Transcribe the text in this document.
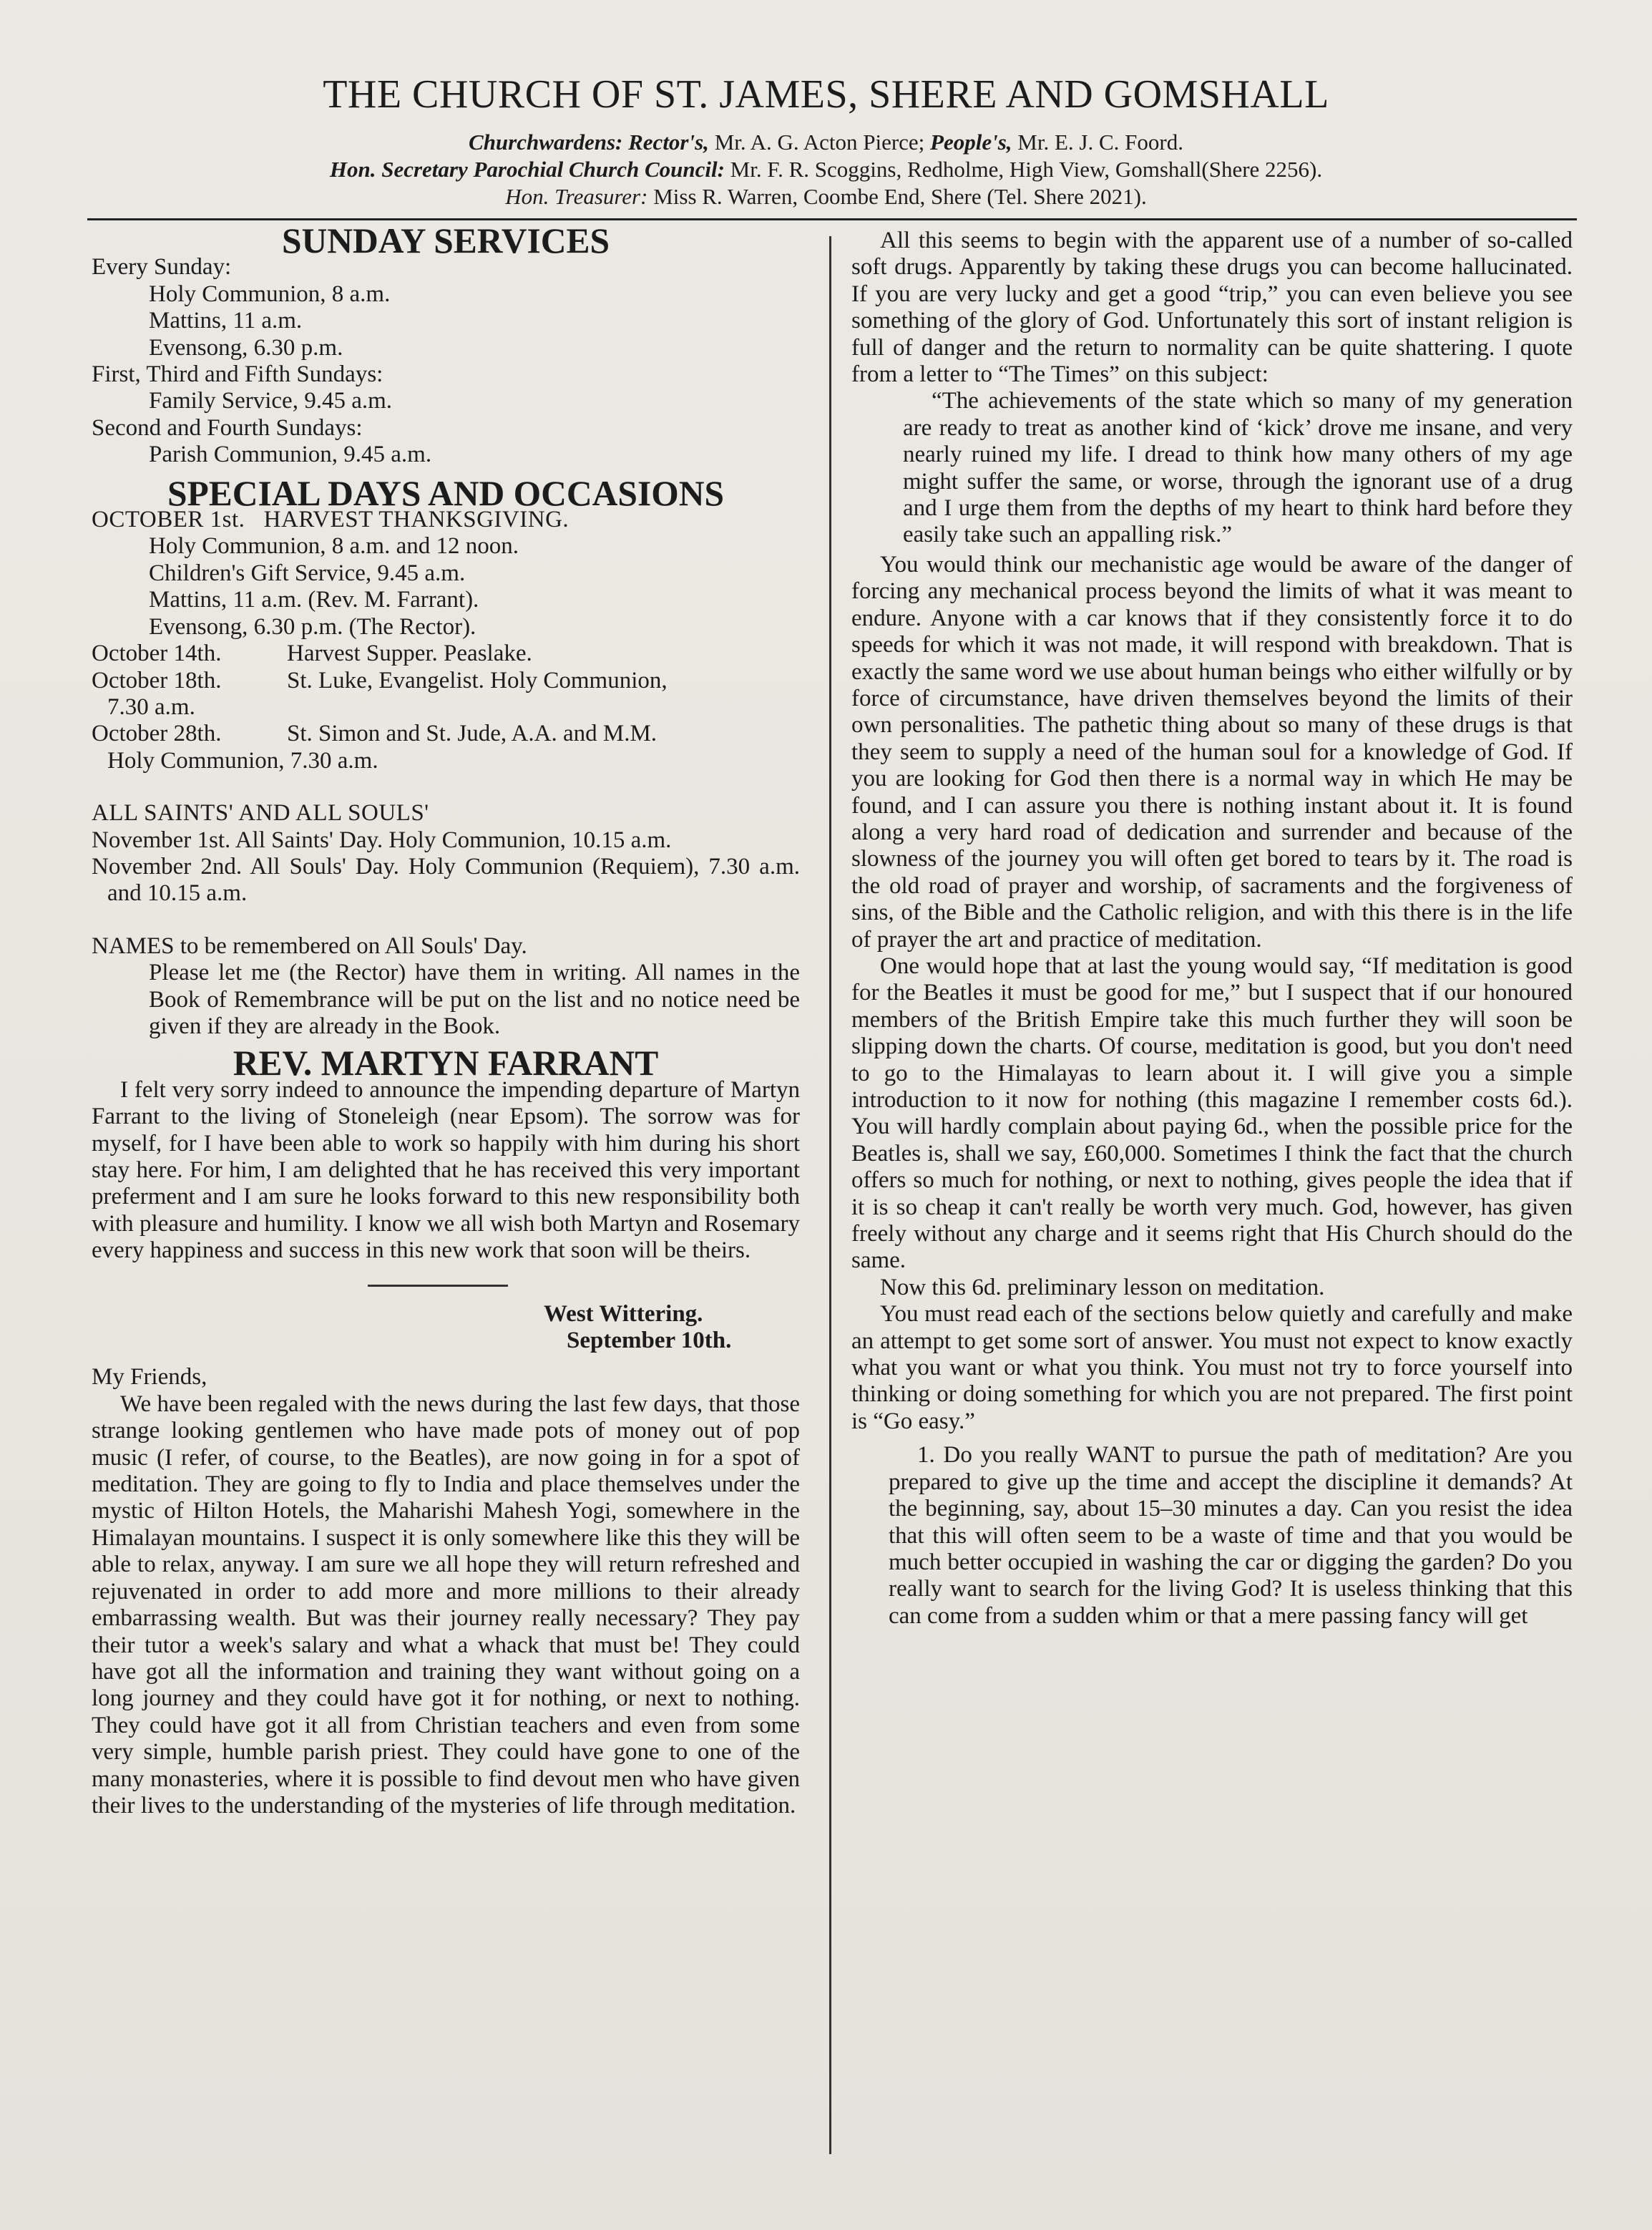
THE CHURCH OF ST. JAMES, SHERE AND GOMSHALL
Churchwardens: Rector's, Mr. A. G. Acton Pierce; People's, Mr. E. J. C. Foord.
Hon. Secretary Parochial Church Council: Mr. F. R. Scoggins, Redholme, High View, Gomshall(Shere 2256).
Hon. Treasurer: Miss R. Warren, Coombe End, Shere (Tel. Shere 2021).
SUNDAY SERVICES

Every Sunday:

Holy Communion, 8 a.m.

Mattins, 11 a.m.

Evensong, 6.30 p.m.

First, Third and Fifth Sundays:

Family Service, 9.45 a.m.

Second and Fourth Sundays:

Parish Communion, 9.45 a.m.

SPECIAL DAYS AND OCCASIONS

OCTOBER 1st.   HARVEST THANKSGIVING.

Holy Communion, 8 a.m. and 12 noon.

Children's Gift Service, 9.45 a.m.

Mattins, 11 a.m. (Rev. M. Farrant).

Evensong, 6.30 p.m. (The Rector).

October 14th.	Harvest Supper. Peaslake.
October 18th.	St. Luke, Evangelist. Holy Communion,

7.30 a.m.

October 28th.	St. Simon and St. Jude, A.A. and M.M.

Holy Communion, 7.30 a.m.

ALL SAINTS' AND ALL SOULS'

November 1st. All Saints' Day. Holy Communion, 10.15 a.m.

November 2nd. All Souls' Day. Holy Communion (Requiem), 7.30 a.m. and 10.15 a.m.

NAMES to be remembered on All Souls' Day.

Please let me (the Rector) have them in writing. All names in the Book of Remembrance will be put on the list and no notice need be given if they are already in the Book.

REV. MARTYN FARRANT

I felt very sorry indeed to announce the impending departure of Martyn Farrant to the living of Stoneleigh (near Epsom). The sorrow was for myself, for I have been able to work so happily with him during his short stay here. For him, I am delighted that he has received this very important preferment and I am sure he looks forward to this new responsibility both with pleasure and humility. I know we all wish both Martyn and Rosemary every happiness and success in this new work that soon will be theirs.

West Wittering.
September 10th.

My Friends,

We have been regaled with the news during the last few days, that those strange looking gentlemen who have made pots of money out of pop music (I refer, of course, to the Beatles), are now going in for a spot of meditation. They are going to fly to India and place themselves under the mystic of Hilton Hotels, the Maharishi Mahesh Yogi, somewhere in the Himalayan mountains. I suspect it is only somewhere like this they will be able to relax, anyway. I am sure we all hope they will return refreshed and rejuvenated in order to add more and more millions to their already embarrassing wealth. But was their journey really necessary? They pay their tutor a week's salary and what a whack that must be! They could have got all the information and training they want without going on a long journey and they could have got it for nothing, or next to nothing. They could have got it all from Christian teachers and even from some very simple, humble parish priest. They could have gone to one of the many monasteries, where it is possible to find devout men who have given their lives to the understanding of the mysteries of life through meditation.

All this seems to begin with the apparent use of a number of so-called soft drugs. Apparently by taking these drugs you can become hallucinated. If you are very lucky and get a good “trip,” you can even believe you see something of the glory of God. Unfortunately this sort of instant religion is full of danger and the return to normality can be quite shattering. I quote from a letter to “The Times” on this subject:

“The achievements of the state which so many of my generation are ready to treat as another kind of ‘kick’ drove me insane, and very nearly ruined my life. I dread to think how many others of my age might suffer the same, or worse, through the ignorant use of a drug and I urge them from the depths of my heart to think hard before they easily take such an appalling risk.”

You would think our mechanistic age would be aware of the danger of forcing any mechanical process beyond the limits of what it was meant to endure. Anyone with a car knows that if they consistently force it to do speeds for which it was not made, it will respond with breakdown. That is exactly the same word we use about human beings who either wilfully or by force of circumstance, have driven themselves beyond the limits of their own personalities. The pathetic thing about so many of these drugs is that they seem to supply a need of the human soul for a knowledge of God. If you are looking for God then there is a normal way in which He may be found, and I can assure you there is nothing instant about it. It is found along a very hard road of dedication and surrender and because of the slowness of the journey you will often get bored to tears by it. The road is the old road of prayer and worship, of sacraments and the forgiveness of sins, of the Bible and the Catholic religion, and with this there is in the life of prayer the art and practice of meditation.

One would hope that at last the young would say, “If meditation is good for the Beatles it must be good for me,” but I suspect that if our honoured members of the British Empire take this much further they will soon be slipping down the charts. Of course, meditation is good, but you don't need to go to the Himalayas to learn about it. I will give you a simple introduction to it now for nothing (this magazine I remember costs 6d.). You will hardly complain about paying 6d., when the possible price for the Beatles is, shall we say, £60,000. Sometimes I think the fact that the church offers so much for nothing, or next to nothing, gives people the idea that if it is so cheap it can't really be worth very much. God, however, has given freely without any charge and it seems right that His Church should do the same.

Now this 6d. preliminary lesson on meditation.

You must read each of the sections below quietly and carefully and make an attempt to get some sort of answer. You must not expect to know exactly what you want or what you think. You must not try to force yourself into thinking or doing something for which you are not prepared. The first point is “Go easy.”

1. Do you really WANT to pursue the path of meditation? Are you prepared to give up the time and accept the discipline it demands? At the beginning, say, about 15–30 minutes a day. Can you resist the idea that this will often seem to be a waste of time and that you would be much better occupied in washing the car or digging the garden? Do you really want to search for the living God? It is useless thinking that this can come from a sudden whim or that a mere passing fancy will get
